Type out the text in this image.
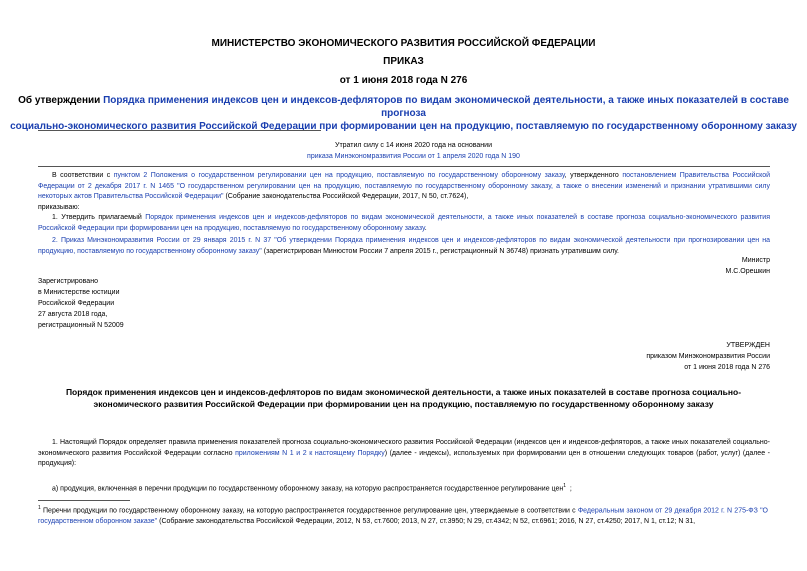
МИНИСТЕРСТВО ЭКОНОМИЧЕСКОГО РАЗВИТИЯ РОССИЙСКОЙ ФЕДЕРАЦИИ
ПРИКАЗ
от 1 июня 2018 года N 276
Об утверждении Порядка применения индексов цен и индексов-дефляторов по видам экономической деятельности, а также иных показателей в составе прогноза
социально-экономического развития Российской Федерации при формировании цен на продукцию, поставляемую по государственному оборонному заказу
Утратил силу с 14 июня 2020 года на основании
приказа Минэкономразвития России от 1 апреля 2020 года N 190
В соответствии с пунктом 2 Положения о государственном регулировании цен на продукцию, поставляемую по государственному оборонному заказу, утвержденного постановлением Правительства Российской Федерации от 2 декабря 2017 г. N 1465 "О государственном регулировании цен на продукцию, поставляемую по государственному оборонному заказу, а также о внесении изменений и признании утратившими силу некоторых актов Правительства Российской Федерации" (Собрание законодательства Российской Федерации, 2017, N 50, ст.7624),
приказываю:
1. Утвердить прилагаемый Порядок применения индексов цен и индексов-дефляторов по видам экономической деятельности, а также иных показателей в составе прогноза социально-экономического развития Российской Федерации при формировании цен на продукцию, поставляемую по государственному оборонному заказу.
2. Приказ Минэкономразвития России от 29 января 2015 г. N 37 "Об утверждении Порядка применения индексов цен и индексов-дефляторов по видам экономической деятельности при прогнозировании цен на продукцию, поставляемую по государственному оборонному заказу" (зарегистрирован Минюстом России 7 апреля 2015 г., регистрационный N 36748) признать утратившим силу.
Министр
М.С.Орешкин
Зарегистрировано
в Министерстве юстиции
Российской Федерации
27 августа 2018 года,
регистрационный N 52009
УТВЕРЖДЕН
приказом Минэкономразвития России
от 1 июня 2018 года N 276
Порядок применения индексов цен и индексов-дефляторов по видам экономической деятельности, а также иных показателей в составе прогноза социально-
экономического развития Российской Федерации при формировании цен на продукцию, поставляемую по государственному оборонному заказу
1. Настоящий Порядок определяет правила применения показателей прогноза социально-экономического развития Российской Федерации (индексов цен и индексов-дефляторов, а также иных показателей социально-экономического развития Российской Федерации согласно приложениям N 1 и 2 к настоящему Порядку) (далее - индексы), используемых при формировании цен в отношении следующих товаров (работ, услуг) (далее - продукция):
а) продукция, включенная в перечни продукции по государственному оборонному заказу, на которую распространяется государственное регулирование цен$^1$ ;
$^1$ Перечни продукции по государственному оборонному заказу, на которую распространяется государственное регулирование цен, утверждаемые в соответствии с Федеральным законом от 29 декабря 2012 г. N 275-ФЗ "О государственном оборонном заказе" (Собрание законодательства Российской Федерации, 2012, N 53, ст.7600; 2013, N 27, ст.3950; N 29, ст.4342; N 52, ст.6961; 2016, N 27, ст.4250; 2017, N 1, ст.12; N 31,
